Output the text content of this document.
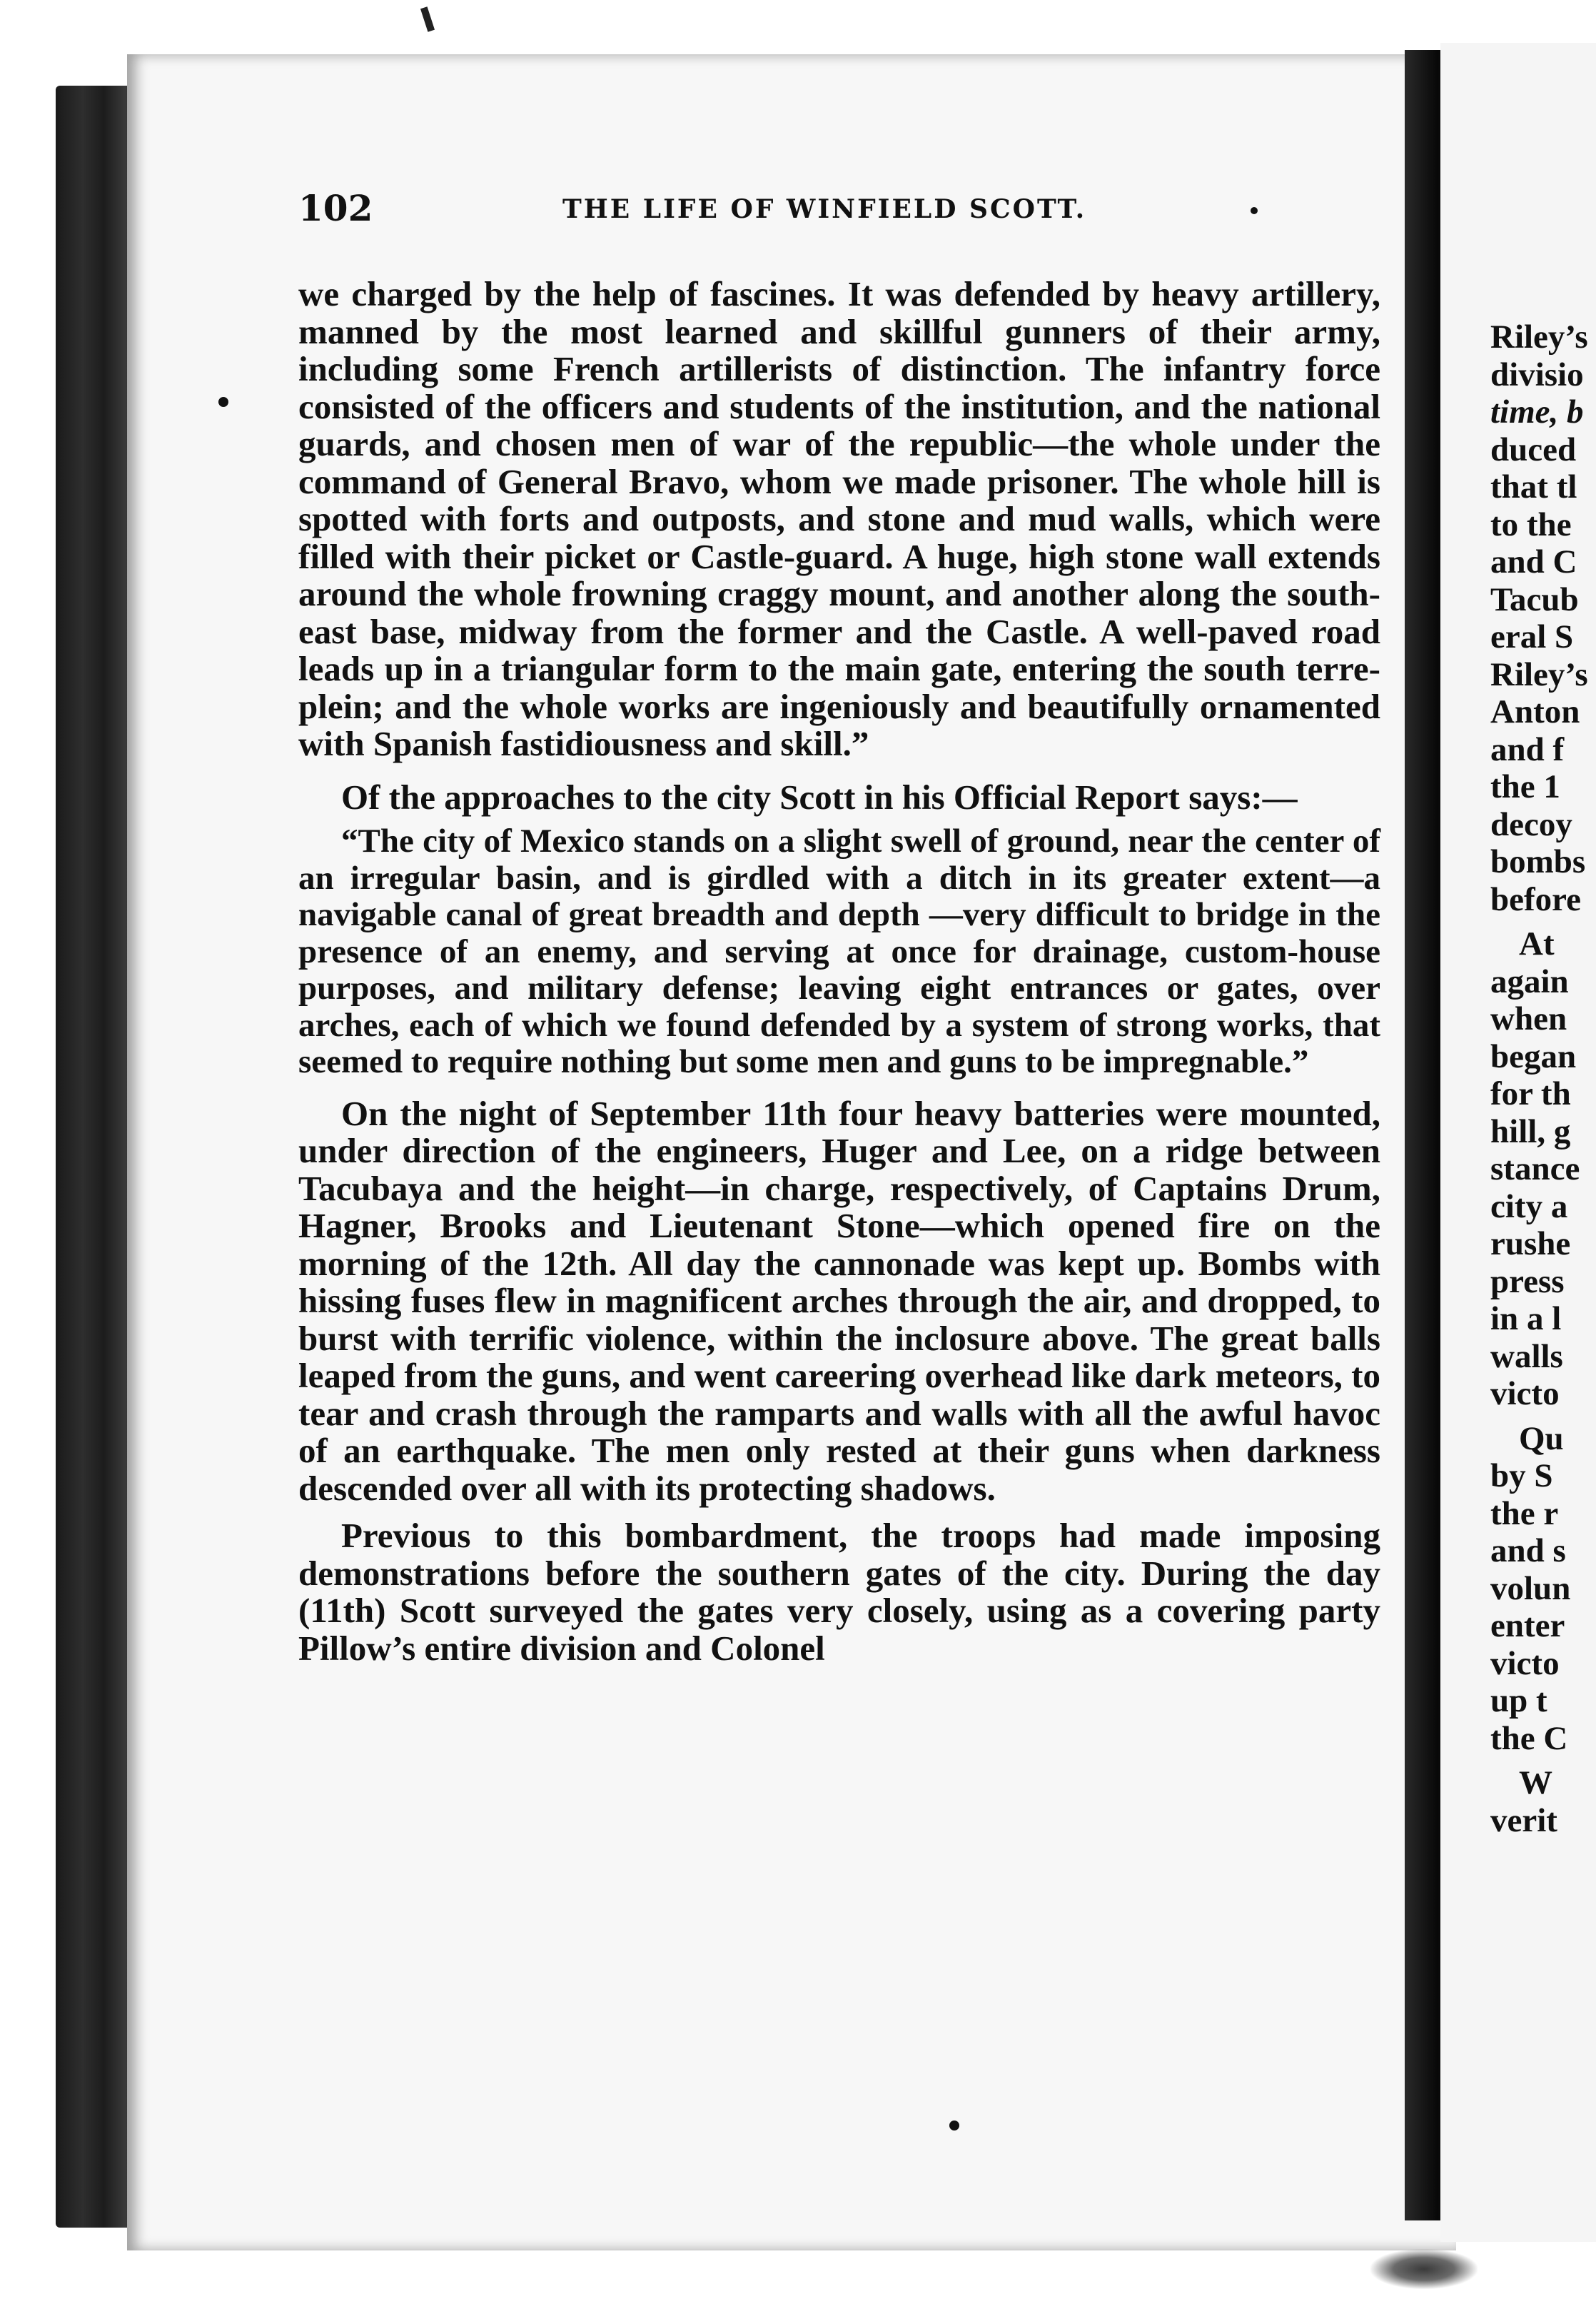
Riley’s
divisio
time, b
duced
that tl
to the
and C
Tacub
eral S
Riley’s
Anton
and f
the 1
decoy
bombs
before
At
again
when
began
for th
hill, g
stance
city a
rushe
press
in a l
walls
victo
Qu
by S
the r
and s
volun
enter
victo
up t
the C
W
verit
102	THE LIFE OF WINFIELD SCOTT.

we charged by the help of fascines. It was defended by heavy artillery, manned by the most learned and skillful gunners of their army, including some French artillerists of distinction. The infantry force consisted of the officers and students of the institution, and the national guards, and chosen men of war of the republic—the whole under the command of General Bravo, whom we made prisoner. The whole hill is spotted with forts and outposts, and stone and mud walls, which were filled with their picket or Castle-guard. A huge, high stone wall extends around the whole frowning craggy mount, and another along the south-east base, midway from the former and the Castle. A well-paved road leads up in a triangular form to the main gate, entering the south terre-plein; and the whole works are ingeniously and beautifully ornamented with Spanish fastidiousness and skill.”

Of the approaches to the city Scott in his Official Report says:—

“The city of Mexico stands on a slight swell of ground, near the center of an irregular basin, and is girdled with a ditch in its greater extent—a navigable canal of great breadth and depth —very difficult to bridge in the presence of an enemy, and serving at once for drainage, custom-house purposes, and military defense; leaving eight entrances or gates, over arches, each of which we found defended by a system of strong works, that seemed to require nothing but some men and guns to be impregnable.”

On the night of September 11th four heavy batteries were mounted, under direction of the engineers, Huger and Lee, on a ridge between Tacubaya and the height—in charge, respectively, of Captains Drum, Hagner, Brooks and Lieutenant Stone—which opened fire on the morning of the 12th. All day the cannonade was kept up. Bombs with hissing fuses flew in magnificent arches through the air, and dropped, to burst with terrific violence, within the inclosure above. The great balls leaped from the guns, and went careering overhead like dark meteors, to tear and crash through the ramparts and walls with all the awful havoc of an earthquake. The men only rested at their guns when darkness descended over all with its protecting shadows.

Previous to this bombardment, the troops had made imposing demonstrations before the southern gates of the city. During the day (11th) Scott surveyed the gates very closely, using as a covering party Pillow’s entire division and Colonel
